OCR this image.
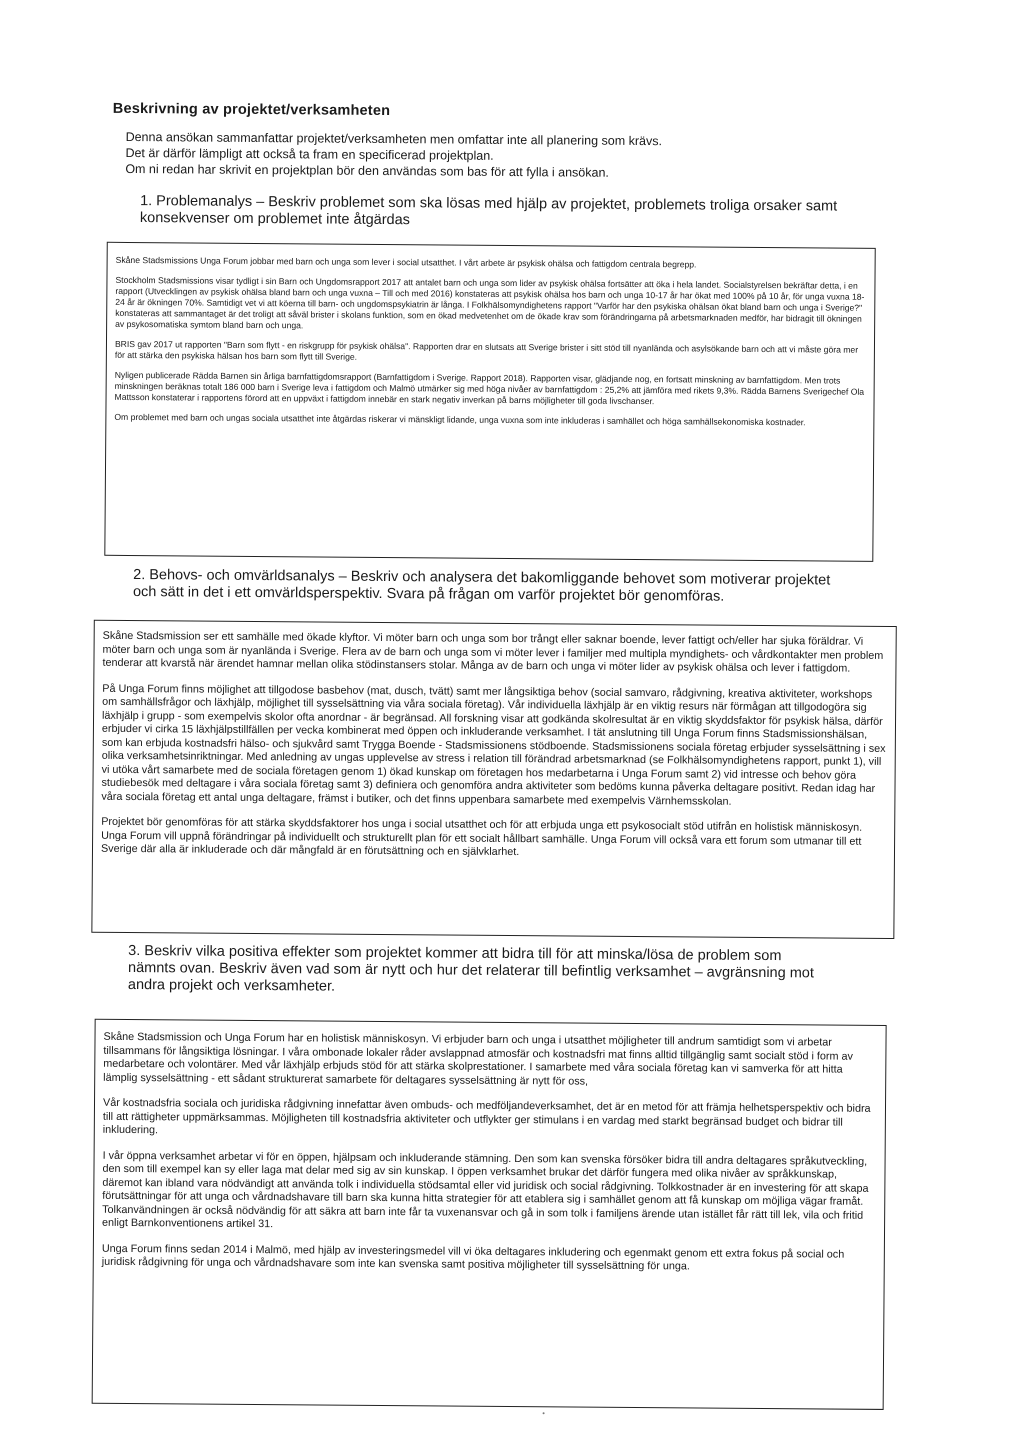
Beskrivning av projektet/verksamheten

Denna ansökan sammanfattar projektet/verksamheten men omfattar inte all planering som krävs.

Det är därför lämpligt att också ta fram en specificerad projektplan.

Om ni redan har skrivit en projektplan bör den användas som bas för att fylla i ansökan.

1. Problemanalys – Beskriv problemet som ska lösas med hjälp av projektet, problemets troliga orsaker samt konsekvenser om problemet inte åtgärdas

Skåne Stadsmissions Unga Forum jobbar med barn och unga som lever i social utsatthet. I vårt arbete är psykisk ohälsa och fattigdom centrala begrepp.

Stockholm Stadsmissions visar tydligt i sin Barn och Ungdomsrapport 2017 att antalet barn och unga som lider av psykisk ohälsa fortsätter att öka i hela landet. Socialstyrelsen bekräftar detta, i en rapport (Utvecklingen av psykisk ohälsa bland barn och unga vuxna – Till och med 2016) konstateras att psykisk ohälsa hos barn och unga 10-17 år har ökat med 100% på 10 år, för unga vuxna 18-24 år är ökningen 70%. Samtidigt vet vi att köerna till barn- och ungdomspsykiatrin är långa. I Folkhälsomyndighetens rapport "Varför har den psykiska ohälsan ökat bland barn och unga i Sverige?" konstateras att sammantaget är det troligt att såväl brister i skolans funktion, som en ökad medvetenhet om de ökade krav som förändringarna på arbetsmarknaden medför, har bidragit till ökningen av psykosomatiska symtom bland barn och unga.

BRIS gav 2017 ut rapporten "Barn som flytt - en riskgrupp för psykisk ohälsa". Rapporten drar en slutsats att Sverige brister i sitt stöd till nyanlända och asylsökande barn och att vi måste göra mer för att stärka den psykiska hälsan hos barn som flytt till Sverige.

Nyligen publicerade Rädda Barnen sin årliga barnfattigdomsrapport (Barnfattigdom i Sverige. Rapport 2018). Rapporten visar, glädjande nog, en fortsatt minskning av barnfattigdom. Men trots minskningen beräknas totalt 186 000 barn i Sverige leva i fattigdom och Malmö utmärker sig med höga nivåer av barnfattigdom : 25,2% att jämföra med rikets 9,3%. Rädda Barnens Sverigechef Ola Mattsson konstaterar i rapportens förord att en uppväxt i fattigdom innebär en stark negativ inverkan på barns möjligheter till goda livschanser.

Om problemet med barn och ungas sociala utsatthet inte åtgärdas riskerar vi mänskligt lidande, unga vuxna som inte inkluderas i samhället och höga samhällsekonomiska kostnader.

2. Behovs- och omvärldsanalys – Beskriv och analysera det bakomliggande behovet som motiverar projektet och sätt in det i ett omvärldsperspektiv. Svara på frågan om varför projektet bör genomföras.

Skåne Stadsmission ser ett samhälle med ökade klyftor. Vi möter barn och unga som bor trångt eller saknar boende, lever fattigt och/eller har sjuka föräldrar. Vi möter barn och unga som är nyanlända i Sverige. Flera av de barn och unga som vi möter lever i familjer med multipla myndighets- och vårdkontakter men problem tenderar att kvarstå när ärendet hamnar mellan olika stödinstansers stolar. Många av de barn och unga vi möter lider av psykisk ohälsa och lever i fattigdom.

På Unga Forum finns möjlighet att tillgodose basbehov (mat, dusch, tvätt) samt mer långsiktiga behov (social samvaro, rådgivning, kreativa aktiviteter, workshops om samhällsfrågor och läxhjälp, möjlighet till sysselsättning via våra sociala företag). Vår individuella läxhjälp är en viktig resurs när förmågan att tillgodogöra sig läxhjälp i grupp - som exempelvis skolor ofta anordnar - är begränsad. All forskning visar att godkända skolresultat är en viktig skyddsfaktor för psykisk hälsa, därför erbjuder vi cirka 15 läxhjälpstillfällen per vecka kombinerat med öppen och inkluderande verksamhet. I tät anslutning till Unga Forum finns Stadsmissionshälsan, som kan erbjuda kostnadsfri hälso- och sjukvård samt Trygga Boende - Stadsmissionens stödboende. Stadsmissionens sociala företag erbjuder sysselsättning i sex olika verksamhetsinriktningar. Med anledning av ungas upplevelse av stress i relation till förändrad arbetsmarknad (se Folkhälsomyndighetens rapport, punkt 1), vill vi utöka vårt samarbete med de sociala företagen genom 1) ökad kunskap om företagen hos medarbetarna i Unga Forum samt 2) vid intresse och behov göra studiebesök med deltagare i våra sociala företag samt 3) definiera och genomföra andra aktiviteter som bedöms kunna påverka deltagare positivt. Redan idag har våra sociala företag ett antal unga deltagare, främst i butiker, och det finns uppenbara samarbete med exempelvis Värnhemsskolan.

Projektet bör genomföras för att stärka skyddsfaktorer hos unga i social utsatthet och för att erbjuda unga ett psykosocialt stöd utifrån en holistisk människosyn. Unga Forum vill uppnå förändringar på individuellt och strukturellt plan för ett socialt hållbart samhälle. Unga Forum vill också vara ett forum som utmanar till ett Sverige där alla är inkluderade och där mångfald är en förutsättning och en självklarhet.

3. Beskriv vilka positiva effekter som projektet kommer att bidra till för att minska/lösa de problem som nämnts ovan. Beskriv även vad som är nytt och hur det relaterar till befintlig verksamhet – avgränsning mot andra projekt och verksamheter.

Skåne Stadsmission och Unga Forum har en holistisk människosyn. Vi erbjuder barn och unga i utsatthet möjligheter till andrum samtidigt som vi arbetar tillsammans för långsiktiga lösningar. I våra ombonade lokaler råder avslappnad atmosfär och kostnadsfri mat finns alltid tillgänglig samt socialt stöd i form av medarbetare och volontärer. Med vår läxhjälp erbjuds stöd för att stärka skolprestationer. I samarbete med våra sociala företag kan vi samverka för att hitta lämplig sysselsättning - ett sådant strukturerat samarbete för deltagares sysselsättning är nytt för oss,

Vår kostnadsfria sociala och juridiska rådgivning innefattar även ombuds- och medföljandeverksamhet, det är en metod för att främja helhetsperspektiv och bidra till att rättigheter uppmärksammas. Möjligheten till kostnadsfria aktiviteter och utflykter ger stimulans i en vardag med starkt begränsad budget och bidrar till inkludering.

I vår öppna verksamhet arbetar vi för en öppen, hjälpsam och inkluderande stämning. Den som kan svenska försöker bidra till andra deltagares språkutveckling, den som till exempel kan sy eller laga mat delar med sig av sin kunskap. I öppen verksamhet brukar det därför fungera med olika nivåer av språkkunskap, däremot kan ibland vara nödvändigt att använda tolk i individuella stödsamtal eller vid juridisk och social rådgivning. Tolkkostnader är en investering för att skapa förutsättningar för att unga och vårdnadshavare till barn ska kunna hitta strategier för att etablera sig i samhället genom att få kunskap om möjliga vägar framåt. Tolkanvändningen är också nödvändig för att säkra att barn inte får ta vuxenansvar och gå in som tolk i familjens ärende utan istället får rätt till lek, vila och fritid enligt Barnkonventionens artikel 31.

Unga Forum finns sedan 2014 i Malmö, med hjälp av investeringsmedel vill vi öka deltagares inkludering och egenmakt genom ett extra fokus på social och juridisk rådgivning för unga och vårdnadshavare som inte kan svenska samt positiva möjligheter till sysselsättning för unga.
